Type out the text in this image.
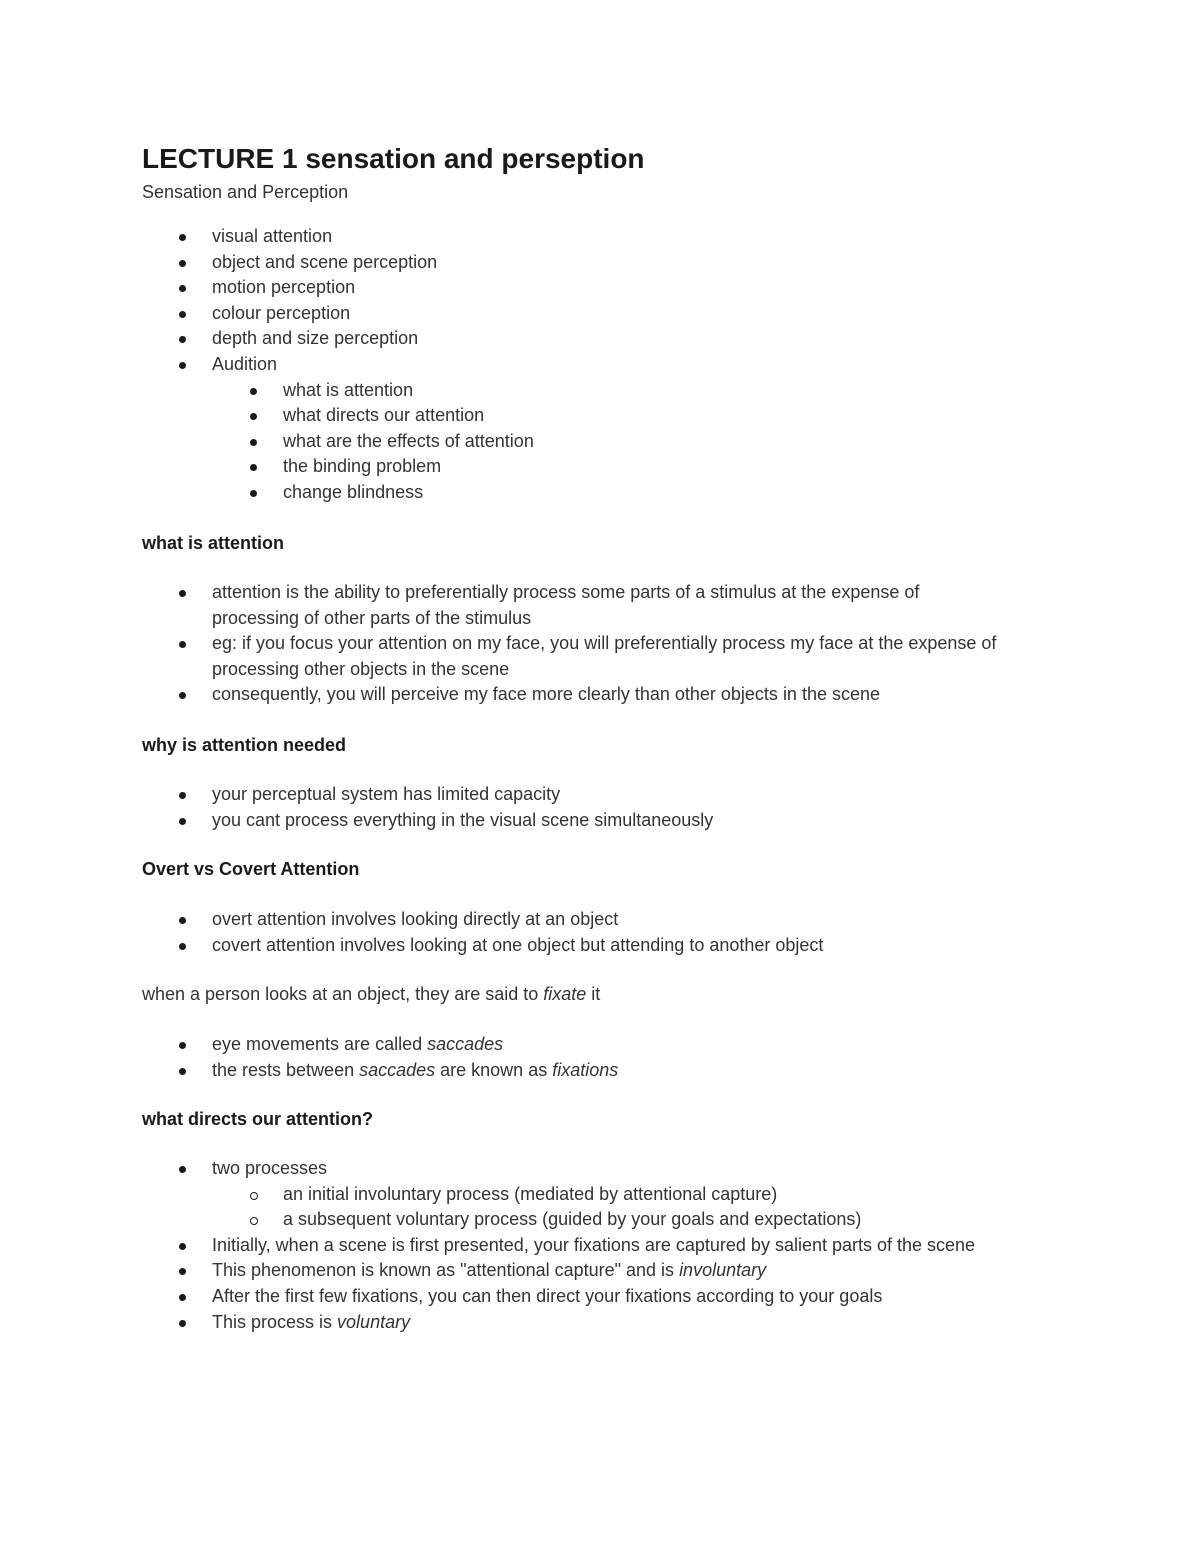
LECTURE 1 sensation and perseption
Sensation and Perception
visual attention
object and scene perception
motion perception
colour perception
depth and size perception
Audition
what is attention
what directs our attention
what are the effects of attention
the binding problem
change blindness
what is attention
attention is the ability to preferentially process some parts of a stimulus at the expense of processing of other parts of the stimulus
eg: if you focus your attention on my face, you will preferentially process my face at the expense of processing other objects in the scene
consequently, you will perceive my face more clearly than other objects in the scene
why is attention needed
your perceptual system has limited capacity
you cant process everything in the visual scene simultaneously
Overt vs Covert Attention
overt attention involves looking directly at an object
covert attention involves looking at one object but attending to another object
when a person looks at an object, they are said to fixate it
eye movements are called saccades
the rests between saccades are known as fixations
what directs our attention?
two processes
an initial involuntary process (mediated by attentional capture)
a subsequent voluntary process (guided by your goals and expectations)
Initially, when a scene is first presented, your fixations are captured by salient parts of the scene
This phenomenon is known as "attentional capture" and is involuntary
After the first few fixations, you can then direct your fixations according to your goals
This process is voluntary
